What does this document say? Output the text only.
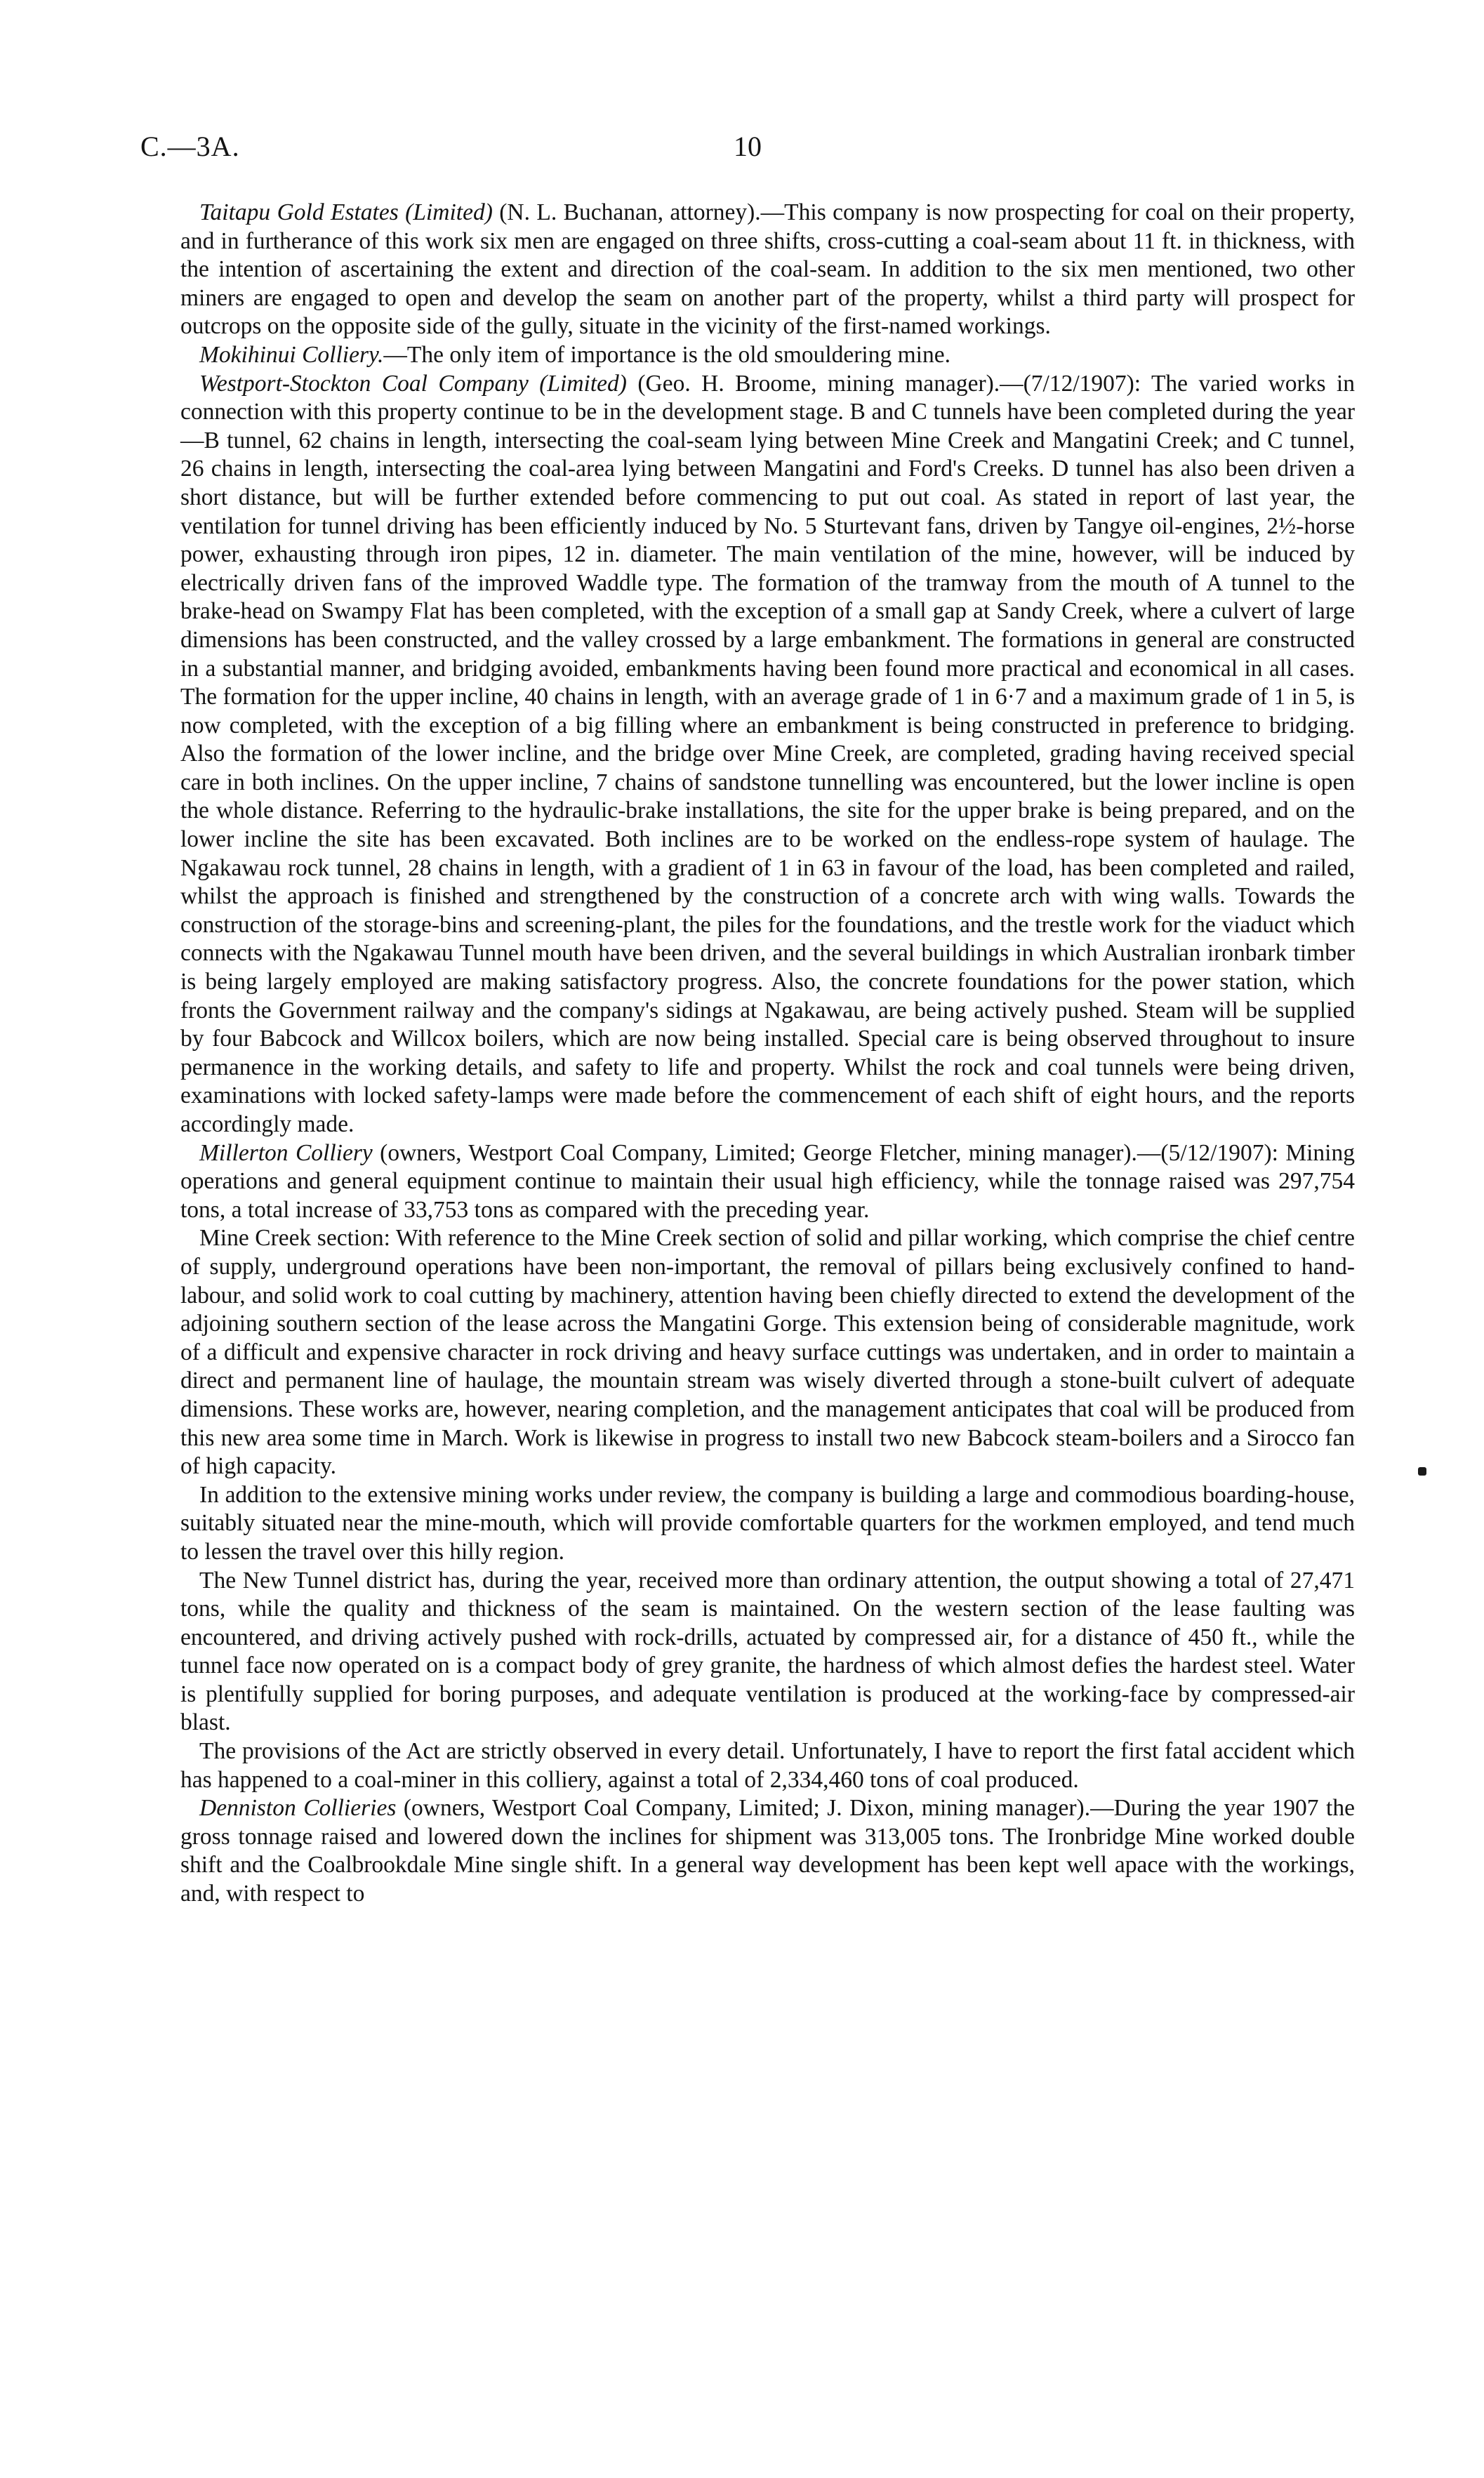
C.—3A.	10

Taitapu Gold Estates (Limited) (N. L. Buchanan, attorney).—This company is now prospecting for coal on their property, and in furtherance of this work six men are engaged on three shifts, cross-cutting a coal-seam about 11 ft. in thickness, with the intention of ascertaining the extent and direction of the coal-seam. In addition to the six men mentioned, two other miners are engaged to open and develop the seam on another part of the property, whilst a third party will prospect for outcrops on the opposite side of the gully, situate in the vicinity of the first-named workings.

Mokihinui Colliery.—The only item of importance is the old smouldering mine.

Westport-Stockton Coal Company (Limited) (Geo. H. Broome, mining manager).—(7/12/1907): The varied works in connection with this property continue to be in the development stage. B and C tunnels have been completed during the year—B tunnel, 62 chains in length, intersecting the coal-seam lying between Mine Creek and Mangatini Creek; and C tunnel, 26 chains in length, intersecting the coal-area lying between Mangatini and Ford's Creeks. D tunnel has also been driven a short distance, but will be further extended before commencing to put out coal. As stated in report of last year, the ventilation for tunnel driving has been efficiently induced by No. 5 Sturtevant fans, driven by Tangye oil-engines, 2½-horse power, exhausting through iron pipes, 12 in. diameter. The main ventilation of the mine, however, will be induced by electrically driven fans of the improved Waddle type. The formation of the tramway from the mouth of A tunnel to the brake-head on Swampy Flat has been completed, with the exception of a small gap at Sandy Creek, where a culvert of large dimensions has been constructed, and the valley crossed by a large embankment. The formations in general are constructed in a substantial manner, and bridging avoided, embankments having been found more practical and economical in all cases. The formation for the upper incline, 40 chains in length, with an average grade of 1 in 6·7 and a maximum grade of 1 in 5, is now completed, with the exception of a big filling where an embankment is being constructed in preference to bridging. Also the formation of the lower incline, and the bridge over Mine Creek, are completed, grading having received special care in both inclines. On the upper incline, 7 chains of sandstone tunnelling was encountered, but the lower incline is open the whole distance. Referring to the hydraulic-brake installations, the site for the upper brake is being prepared, and on the lower incline the site has been excavated. Both inclines are to be worked on the endless-rope system of haulage. The Ngakawau rock tunnel, 28 chains in length, with a gradient of 1 in 63 in favour of the load, has been completed and railed, whilst the approach is finished and strengthened by the construction of a concrete arch with wing walls. Towards the construction of the storage-bins and screening-plant, the piles for the foundations, and the trestle work for the viaduct which connects with the Ngakawau Tunnel mouth have been driven, and the several buildings in which Australian ironbark timber is being largely employed are making satisfactory progress. Also, the concrete foundations for the power station, which fronts the Government railway and the company's sidings at Ngakawau, are being actively pushed. Steam will be supplied by four Babcock and Willcox boilers, which are now being installed. Special care is being observed throughout to insure permanence in the working details, and safety to life and property. Whilst the rock and coal tunnels were being driven, examinations with locked safety-lamps were made before the commencement of each shift of eight hours, and the reports accordingly made.

Millerton Colliery (owners, Westport Coal Company, Limited; George Fletcher, mining manager).—(5/12/1907): Mining operations and general equipment continue to maintain their usual high efficiency, while the tonnage raised was 297,754 tons, a total increase of 33,753 tons as compared with the preceding year.

Mine Creek section: With reference to the Mine Creek section of solid and pillar working, which comprise the chief centre of supply, underground operations have been non-important, the removal of pillars being exclusively confined to hand-labour, and solid work to coal cutting by machinery, attention having been chiefly directed to extend the development of the adjoining southern section of the lease across the Mangatini Gorge. This extension being of considerable magnitude, work of a difficult and expensive character in rock driving and heavy surface cuttings was undertaken, and in order to maintain a direct and permanent line of haulage, the mountain stream was wisely diverted through a stone-built culvert of adequate dimensions. These works are, however, nearing completion, and the management anticipates that coal will be produced from this new area some time in March. Work is likewise in progress to install two new Babcock steam-boilers and a Sirocco fan of high capacity.

In addition to the extensive mining works under review, the company is building a large and commodious boarding-house, suitably situated near the mine-mouth, which will provide comfortable quarters for the workmen employed, and tend much to lessen the travel over this hilly region.

The New Tunnel district has, during the year, received more than ordinary attention, the output showing a total of 27,471 tons, while the quality and thickness of the seam is maintained. On the western section of the lease faulting was encountered, and driving actively pushed with rock-drills, actuated by compressed air, for a distance of 450 ft., while the tunnel face now operated on is a compact body of grey granite, the hardness of which almost defies the hardest steel. Water is plentifully supplied for boring purposes, and adequate ventilation is produced at the working-face by compressed-air blast.

The provisions of the Act are strictly observed in every detail. Unfortunately, I have to report the first fatal accident which has happened to a coal-miner in this colliery, against a total of 2,334,460 tons of coal produced.

Denniston Collieries (owners, Westport Coal Company, Limited; J. Dixon, mining manager).—During the year 1907 the gross tonnage raised and lowered down the inclines for shipment was 313,005 tons. The Ironbridge Mine worked double shift and the Coalbrookdale Mine single shift. In a general way development has been kept well apace with the workings, and, with respect to
